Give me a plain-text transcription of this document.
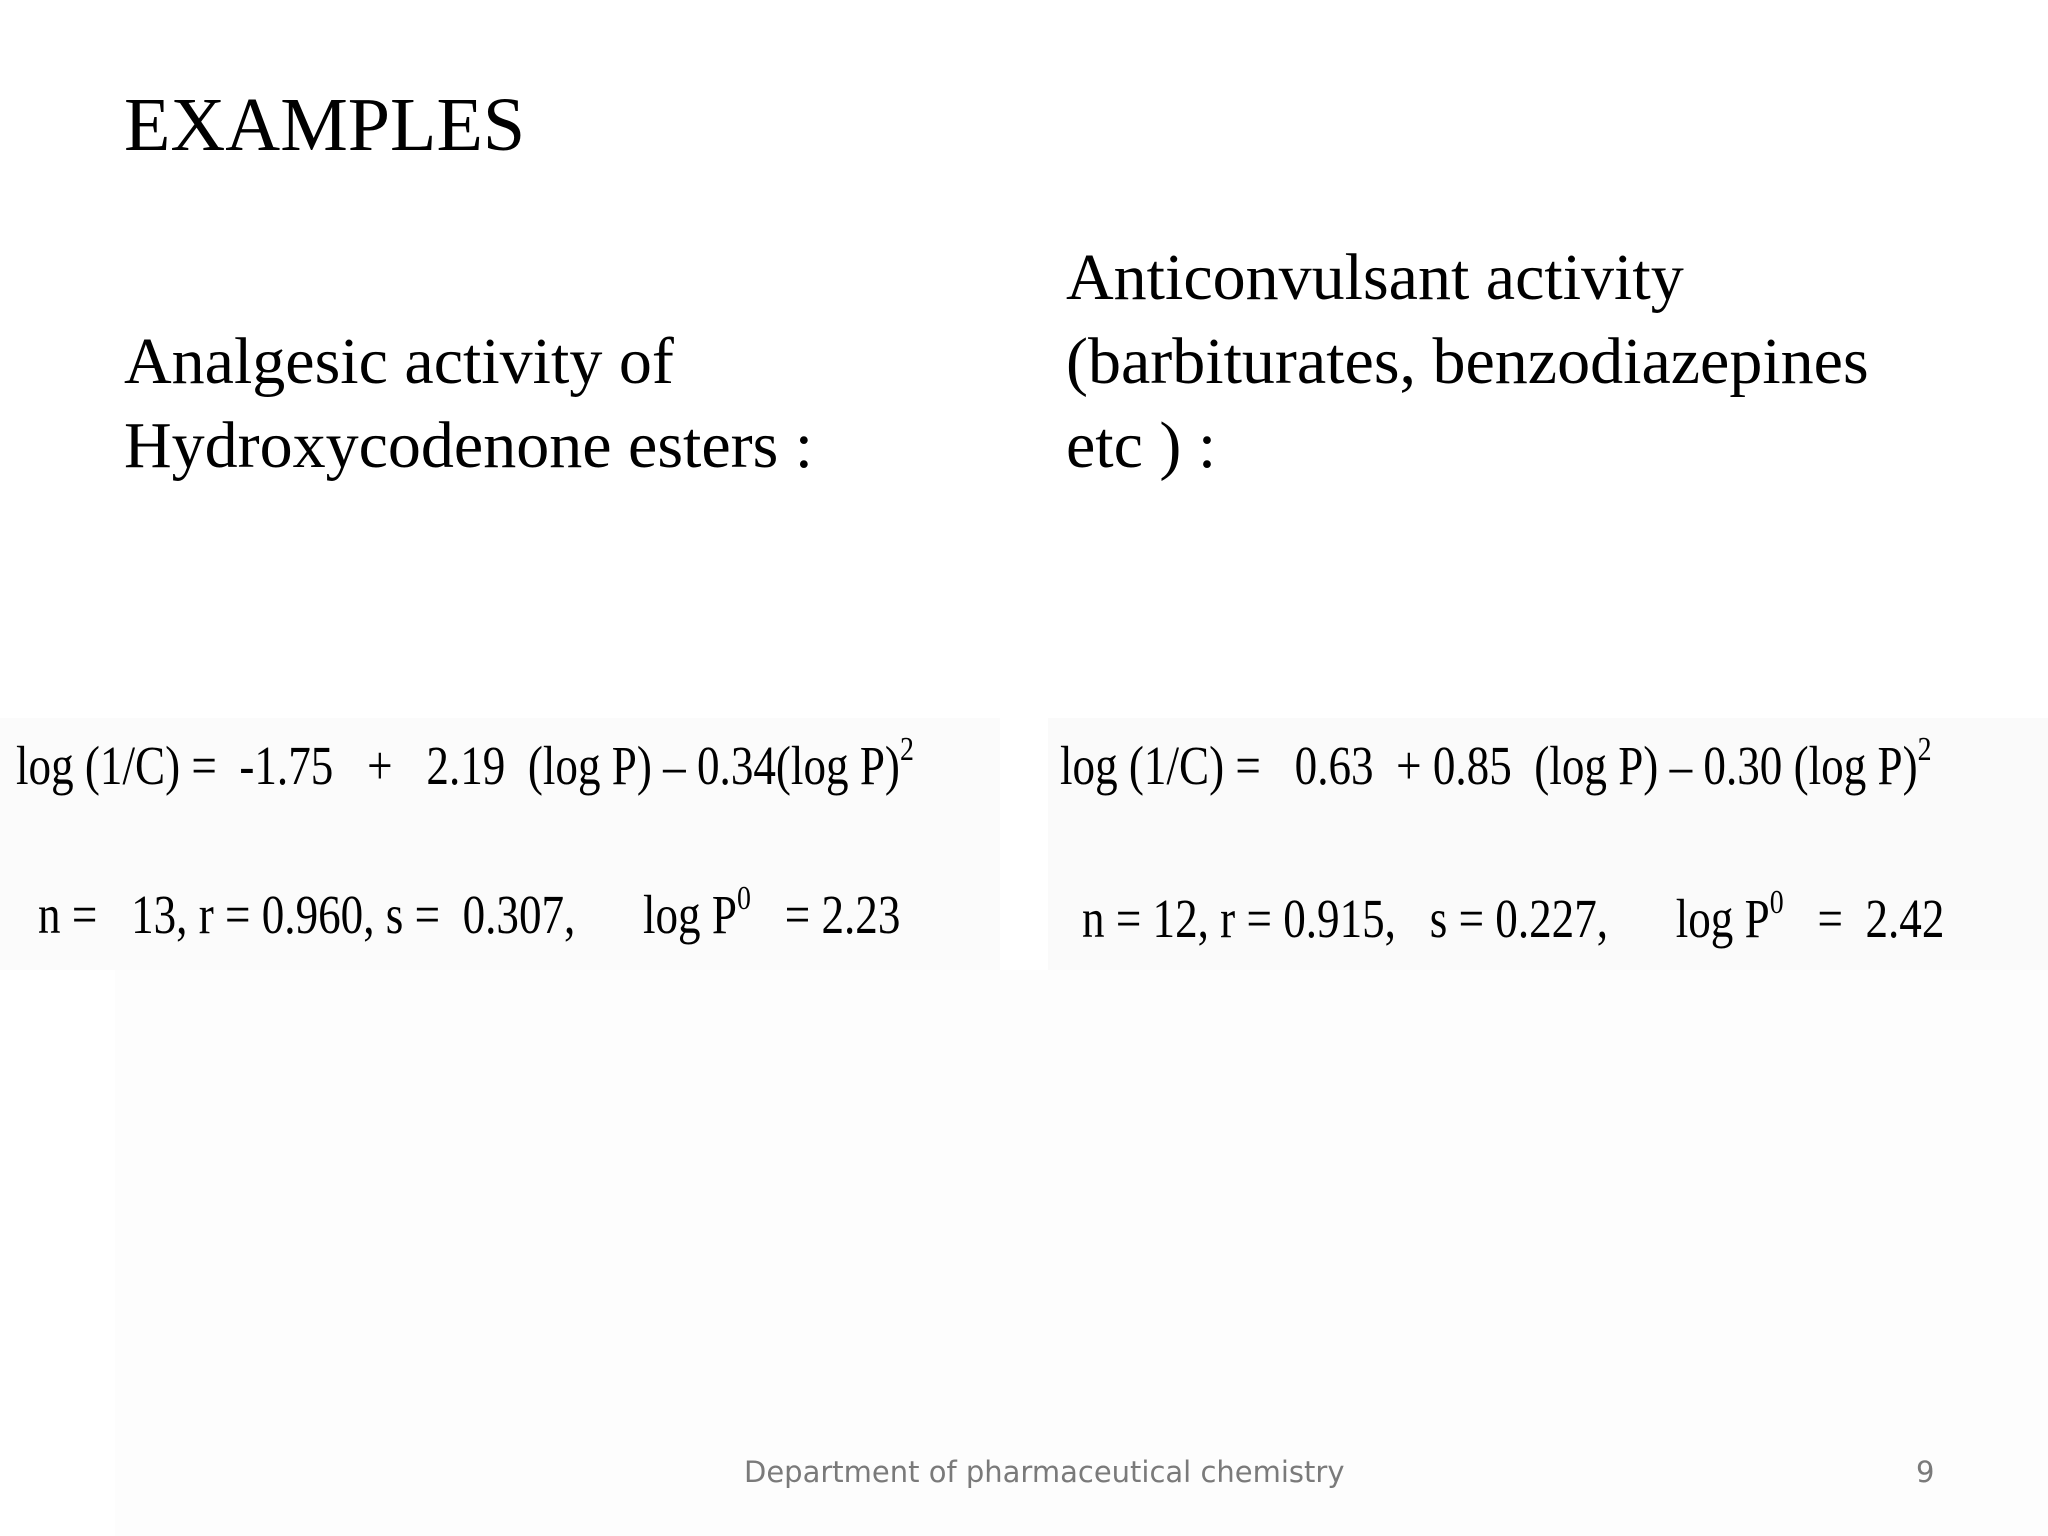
EXAMPLES
Analgesic activity of
Hydroxycodenone esters :
Anticonvulsant activity
(barbiturates, benzodiazepines
etc ) :
log (1/C) =  -1.75   +   2.19  (log P) – 0.34(log P)$^2$
n =   13, r = 0.960, s =  0.307,      $\log P^0 = 2.23$
log (1/C) =   0.63  + 0.85  (log P) – 0.30 (log P)$^2$
n = 12, r = 0.915,   s = 0.227,      $\log P^0 = 2.42$
Department of pharmaceutical chemistry	9
